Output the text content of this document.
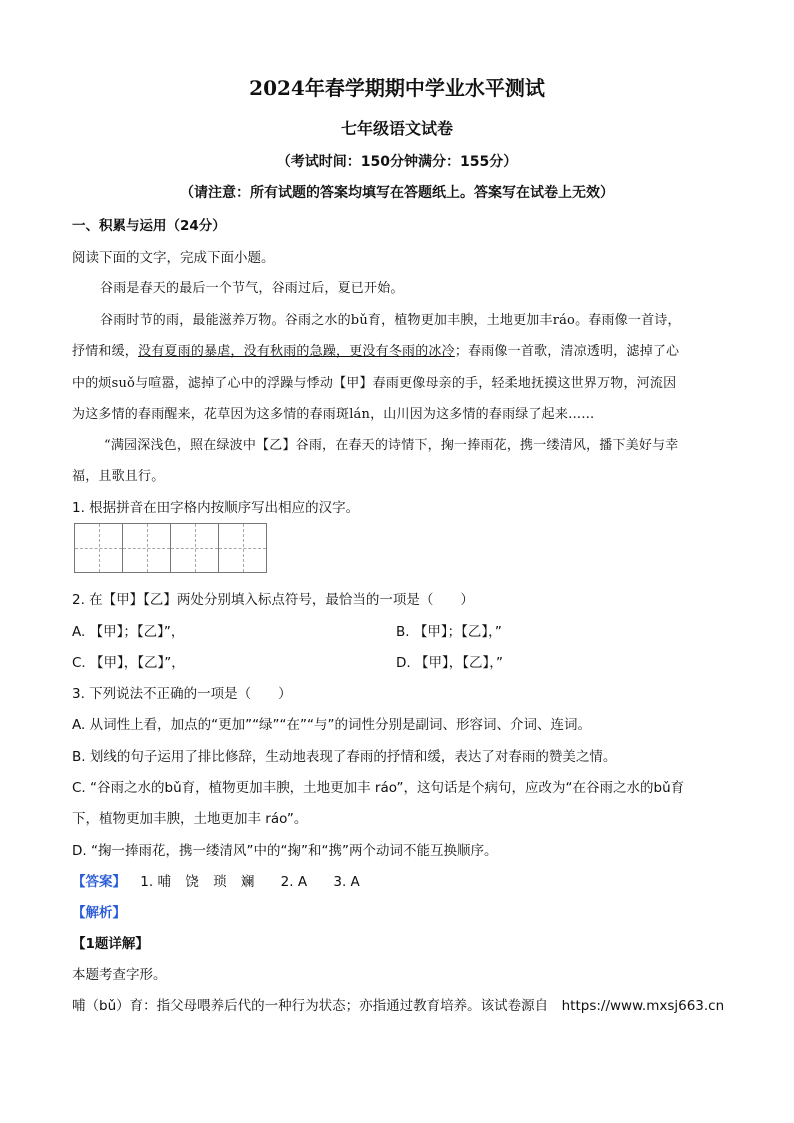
2024年春学期期中学业水平测试
七年级语文试卷
（考试时间：150分钟满分：155分）
（请注意：所有试题的答案均填写在答题纸上。答案写在试卷上无效）
一、积累与运用（24分）
阅读下面的文字，完成下面小题。
谷雨是春天的最后一个节气，谷雨过后，夏已开始。
谷雨时节的雨，最能滋养万物。谷雨之水的bǔ育，植物更加丰腴，土地更加丰ráo。春雨像一首诗，
抒情和缓，没有夏雨的暴虐，没有秋雨的急躁，更没有冬雨的冰冷；春雨像一首歌，清凉透明，滤掉了心
中的烦suǒ与喧嚣，滤掉了心中的浮躁与悸动【甲】春雨更像母亲的手，轻柔地抚摸这世界万物，河流因
为这多情的春雨醒来，花草因为这多情的春雨斑lán，山川因为这多情的春雨绿了起来……
“满园深浅色，照在绿波中【乙】谷雨，在春天的诗情下，掬一捧雨花，携一缕清风，播下美好与幸
福，且歌且行。
1. 根据拼音在田字格内按顺序写出相应的汉字。
2. 在【甲】【乙】两处分别填入标点符号，最恰当的一项是（　　）
A. 【甲】；【乙】”，	B. 【甲】；【乙】，”
C. 【甲】，【乙】”，	D. 【甲】，【乙】，”
3. 下列说法不正确的一项是（　　）
A. 从词性上看，加点的“更加”“绿”“在”“与”的词性分别是副词、形容词、介词、连词。
B. 划线的句子运用了排比修辞，生动地表现了春雨的抒情和缓，表达了对春雨的赞美之情。
C. “谷雨之水的bǔ育，植物更加丰腴，土地更加丰 ráo”，这句话是个病句，应改为“在谷雨之水的bǔ育
下，植物更加丰腴，土地更加丰 ráo”。
D. “掬一捧雨花，携一缕清风”中的“掬”和“携”两个动词不能互换顺序。
【答案】 1. 哺 饶 琐 斓 2. A 3. A
【解析】
【1题详解】
本题考查字形。
哺（bǔ）育：指父母喂养后代的一种行为状态；亦指通过教育培养。该试卷源自　https://www.mxsj663.cn
